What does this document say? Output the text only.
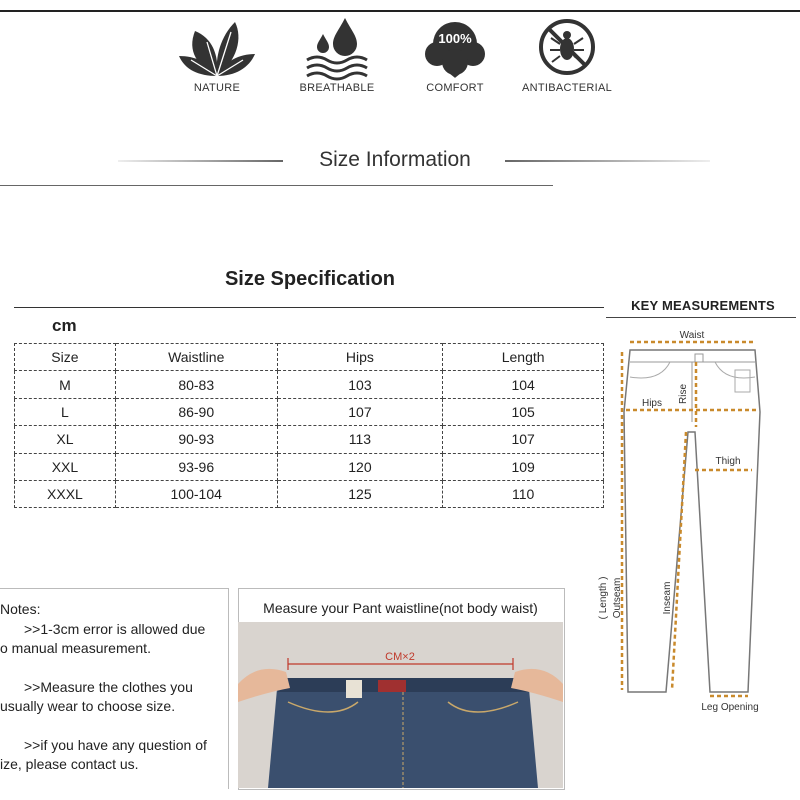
NATURE	BREATHABLE
100%
COMFORT	ANTIBACTERIAL
Size Information
Size Specification
cm
Size	Waistline	Hips	Length
M	80-83	103	104
L	86-90	107	105
XL	90-93	113	107
XXL	93-96	120	109
XXXL	100-104	125	110
KEY MEASUREMENTS
Waist
Rise
Hips
Thigh
( Length ) Outseam	Inseam
Leg Opening
Notes:
>>1-3cm error is allowed due
o manual measurement.
>>Measure the clothes you
usually wear to choose size.
>>if you have any question of
ize, please contact us.
Measure your Pant waistline(not body waist)
CM×2
